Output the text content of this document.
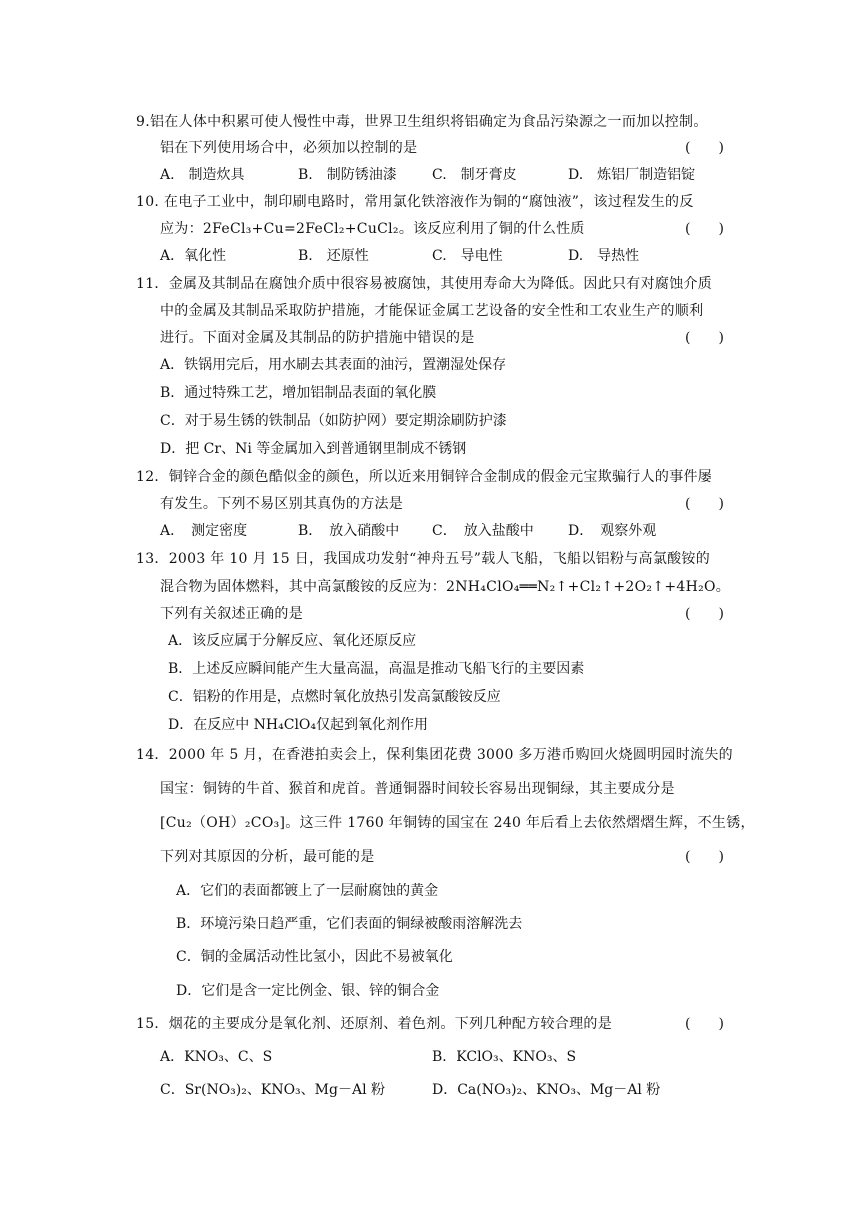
9.铝在人体中积累可使人慢性中毒，世界卫生组织将铝确定为食品污染源之一而加以控制。
铝在下列使用场合中，必须加以控制的是	(　　)
A.　制造炊具	B.　制防锈油漆	C.　制牙膏皮	D.　炼铝厂制造铝锭
10. 在电子工业中，制印刷电路时，常用氯化铁溶液作为铜的“腐蚀液”，该过程发生的反
应为：2FeCl₃+Cu=2FeCl₂+CuCl₂。该反应利用了铜的什么性质	(　　)
A．氧化性	B.　还原性	C.　导电性	D.　导热性
11．金属及其制品在腐蚀介质中很容易被腐蚀，其使用寿命大为降低。因此只有对腐蚀介质
中的金属及其制品采取防护措施，才能保证金属工艺设备的安全性和工农业生产的顺利
进行。下面对金属及其制品的防护措施中错误的是	(　　)
A．铁锅用完后，用水刷去其表面的油污，置潮湿处保存
B．通过特殊工艺，增加铝制品表面的氧化膜
C．对于易生锈的铁制品（如防护网）要定期涂刷防护漆
D．把 Cr、Ni 等金属加入到普通钢里制成不锈钢
12．铜锌合金的颜色酷似金的颜色，所以近来用铜锌合金制成的假金元宝欺骗行人的事件屡
有发生。下列不易区别其真伪的方法是	(　　)
A．　测定密度	B．　放入硝酸中 C．　放入盐酸中 D．　观察外观
13．2003 年 10 月 15 日，我国成功发射“神舟五号”载人飞船，飞船以铝粉与高氯酸铵的
混合物为固体燃料，其中高氯酸铵的反应为：2NH₄ClO₄══N₂↑+Cl₂↑+2O₂↑+4H₂O。
下列有关叙述正确的是	(　　)
A．该反应属于分解反应、氧化还原反应
B．上述反应瞬间能产生大量高温，高温是推动飞船飞行的主要因素
C．铝粉的作用是，点燃时氧化放热引发高氯酸铵反应
D．在反应中 NH₄ClO₄仅起到氧化剂作用
14．2000 年 5 月，在香港拍卖会上，保利集团花费 3000 多万港币购回火烧圆明园时流失的
国宝：铜铸的牛首、猴首和虎首。普通铜器时间较长容易出现铜绿，其主要成分是
[Cu₂（OH）₂CO₃]。这三件 1760 年铜铸的国宝在 240 年后看上去依然熠熠生辉，不生锈，
下列对其原因的分析，最可能的是	(　　)
A．它们的表面都镀上了一层耐腐蚀的黄金
B．环境污染日趋严重，它们表面的铜绿被酸雨溶解洗去
C．铜的金属活动性比氢小，因此不易被氧化
D．它们是含一定比例金、银、锌的铜合金
15．烟花的主要成分是氧化剂、还原剂、着色剂。下列几种配方较合理的是	(　　)
A．KNO₃、C、S	B．KClO₃、KNO₃、S
C．Sr(NO₃)₂、KNO₃、Mg－Al 粉	D．Ca(NO₃)₂、KNO₃、Mg－Al 粉
